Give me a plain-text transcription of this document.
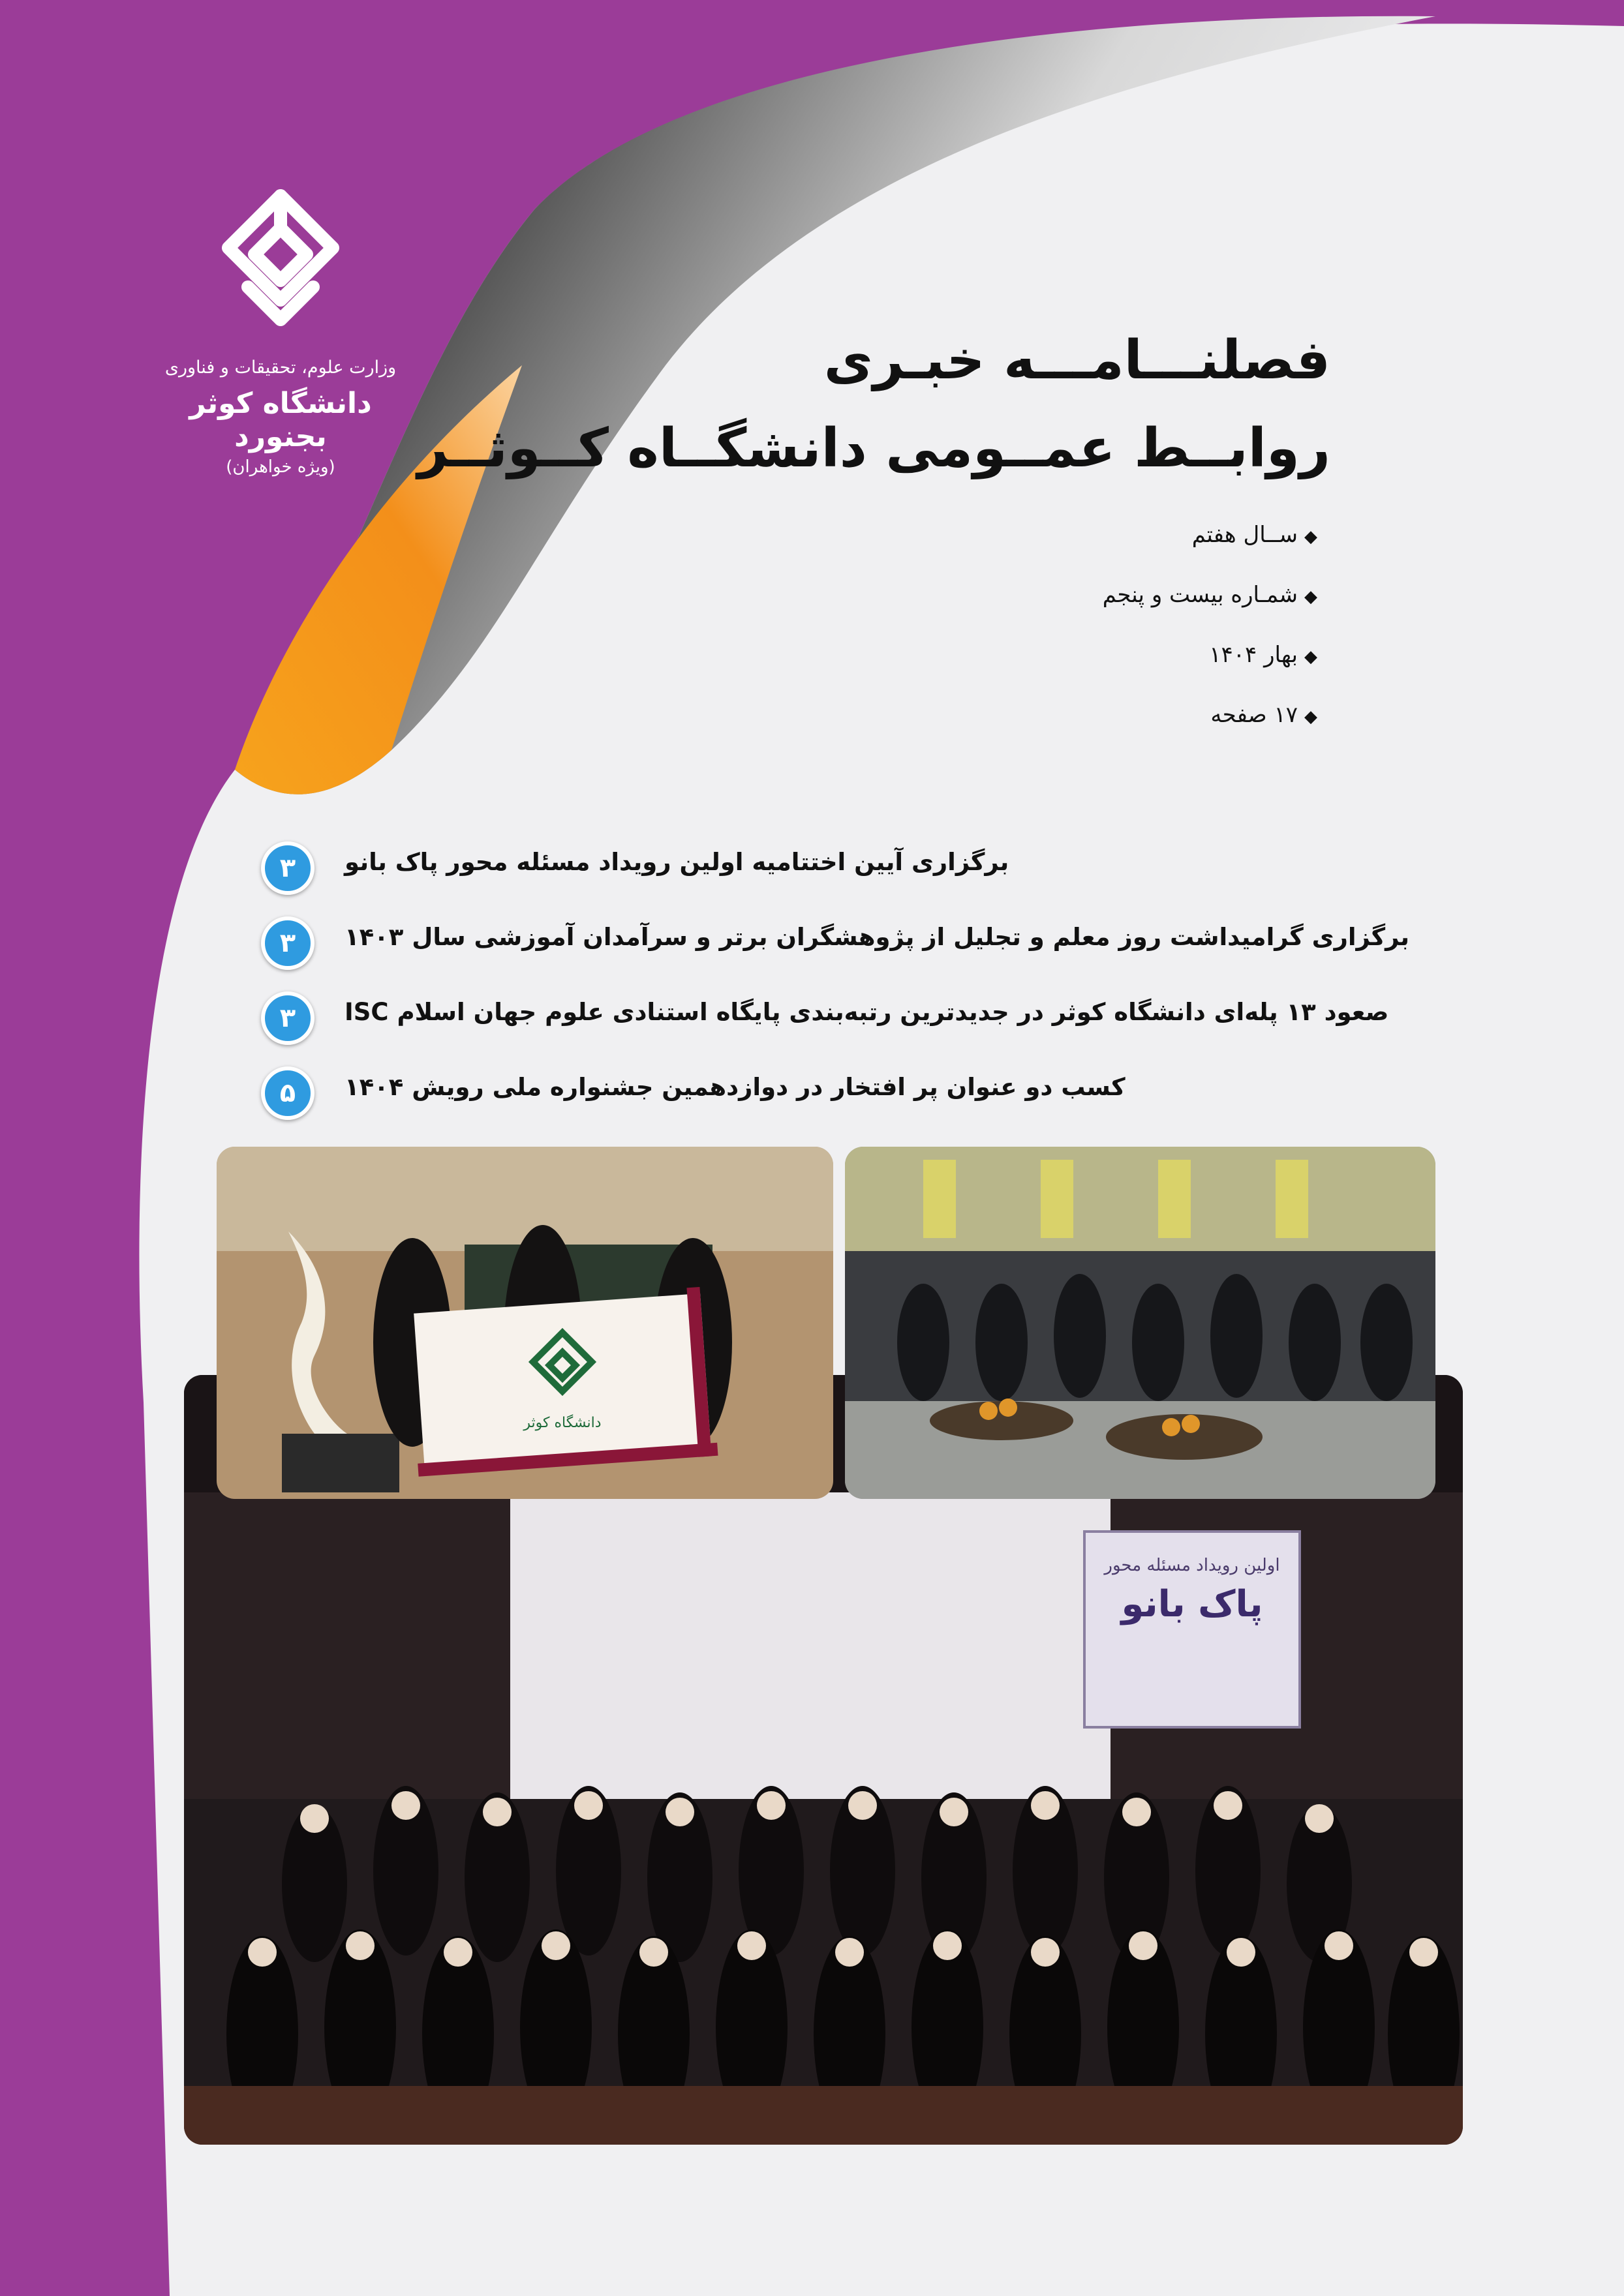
وزارت علوم، تحقیقات و فناوری
دانشگاه کوثر بجنورد
(ویژه خواهران)
فصلنـــامـــه خبـری
روابــط عمــومی دانشگــاه کــوثــر
◆ســال هفتم
◆شمـاره بیست و پنجم
◆بهار ۱۴۰۴
◆۱۷ صفحه
۳	برگزاری آیین اختتامیه اولین رویداد مسئله محور پاک بانو
۳	برگزاری گرامیداشت روز معلم و تجلیل از پژوهشگران برتر و سرآمدان آموزشی سال ۱۴۰۳
۳	صعود ۱۳ پله‌ای دانشگاه کوثر در جدیدترین رتبه‌بندی پایگاه استنادی علوم جهان اسلام ISC
۵	کسب دو عنوان پر افتخار در دوازدهمین جشنواره ملی رویش ۱۴۰۴
اولین رویداد مسئله محور
پاک بانو
دانشگاه کوثر
